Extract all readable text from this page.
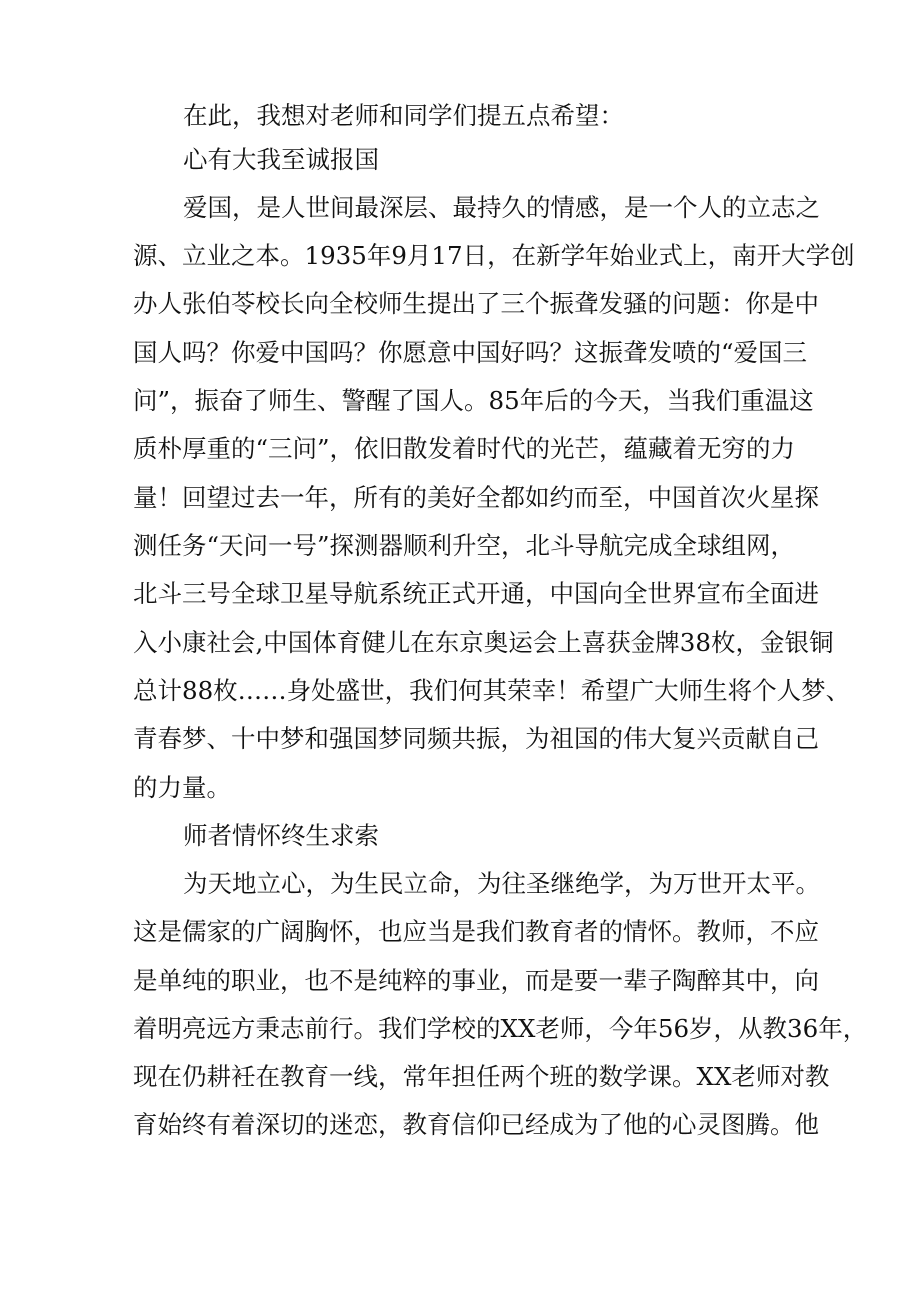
在此，我想对老师和同学们提五点希望：
心有大我至诚报国
爱国，是人世间最深层、最持久的情感，是一个人的立志之
源、立业之本。1935年9月17日，在新学年始业式上，南开大学创
办人张伯苓校长向全校师生提出了三个振聋发骚的问题：你是中
国人吗？你爱中国吗？你愿意中国好吗？这振聋发喷的“爱国三
问”，振奋了师生、警醒了国人。85年后的今天，当我们重温这
质朴厚重的“三问”，依旧散发着时代的光芒，蕴藏着无穷的力
量！回望过去一年，所有的美好全都如约而至，中国首次火星探
测任务“天问一号”探测器顺利升空，北斗导航完成全球组网，
北斗三号全球卫星导航系统正式开通，中国向全世界宣布全面进
入小康社会,中国体育健儿在东京奥运会上喜获金牌38枚，金银铜
总计88枚……身处盛世，我们何其荣幸！希望广大师生将个人梦、
青春梦、十中梦和强国梦同频共振，为祖国的伟大复兴贡献自己
的力量。
师者情怀终生求索
为天地立心，为生民立命，为往圣继绝学，为万世开太平。
这是儒家的广阔胸怀，也应当是我们教育者的情怀。教师，不应
是单纯的职业，也不是纯粹的事业，而是要一辈子陶醉其中，向
着明亮远方秉志前行。我们学校的XX老师，今年56岁，从教36年，
现在仍耕衽在教育一线，常年担任两个班的数学课。XX老师对教
育始终有着深切的迷恋，教育信仰已经成为了他的心灵图腾。他
